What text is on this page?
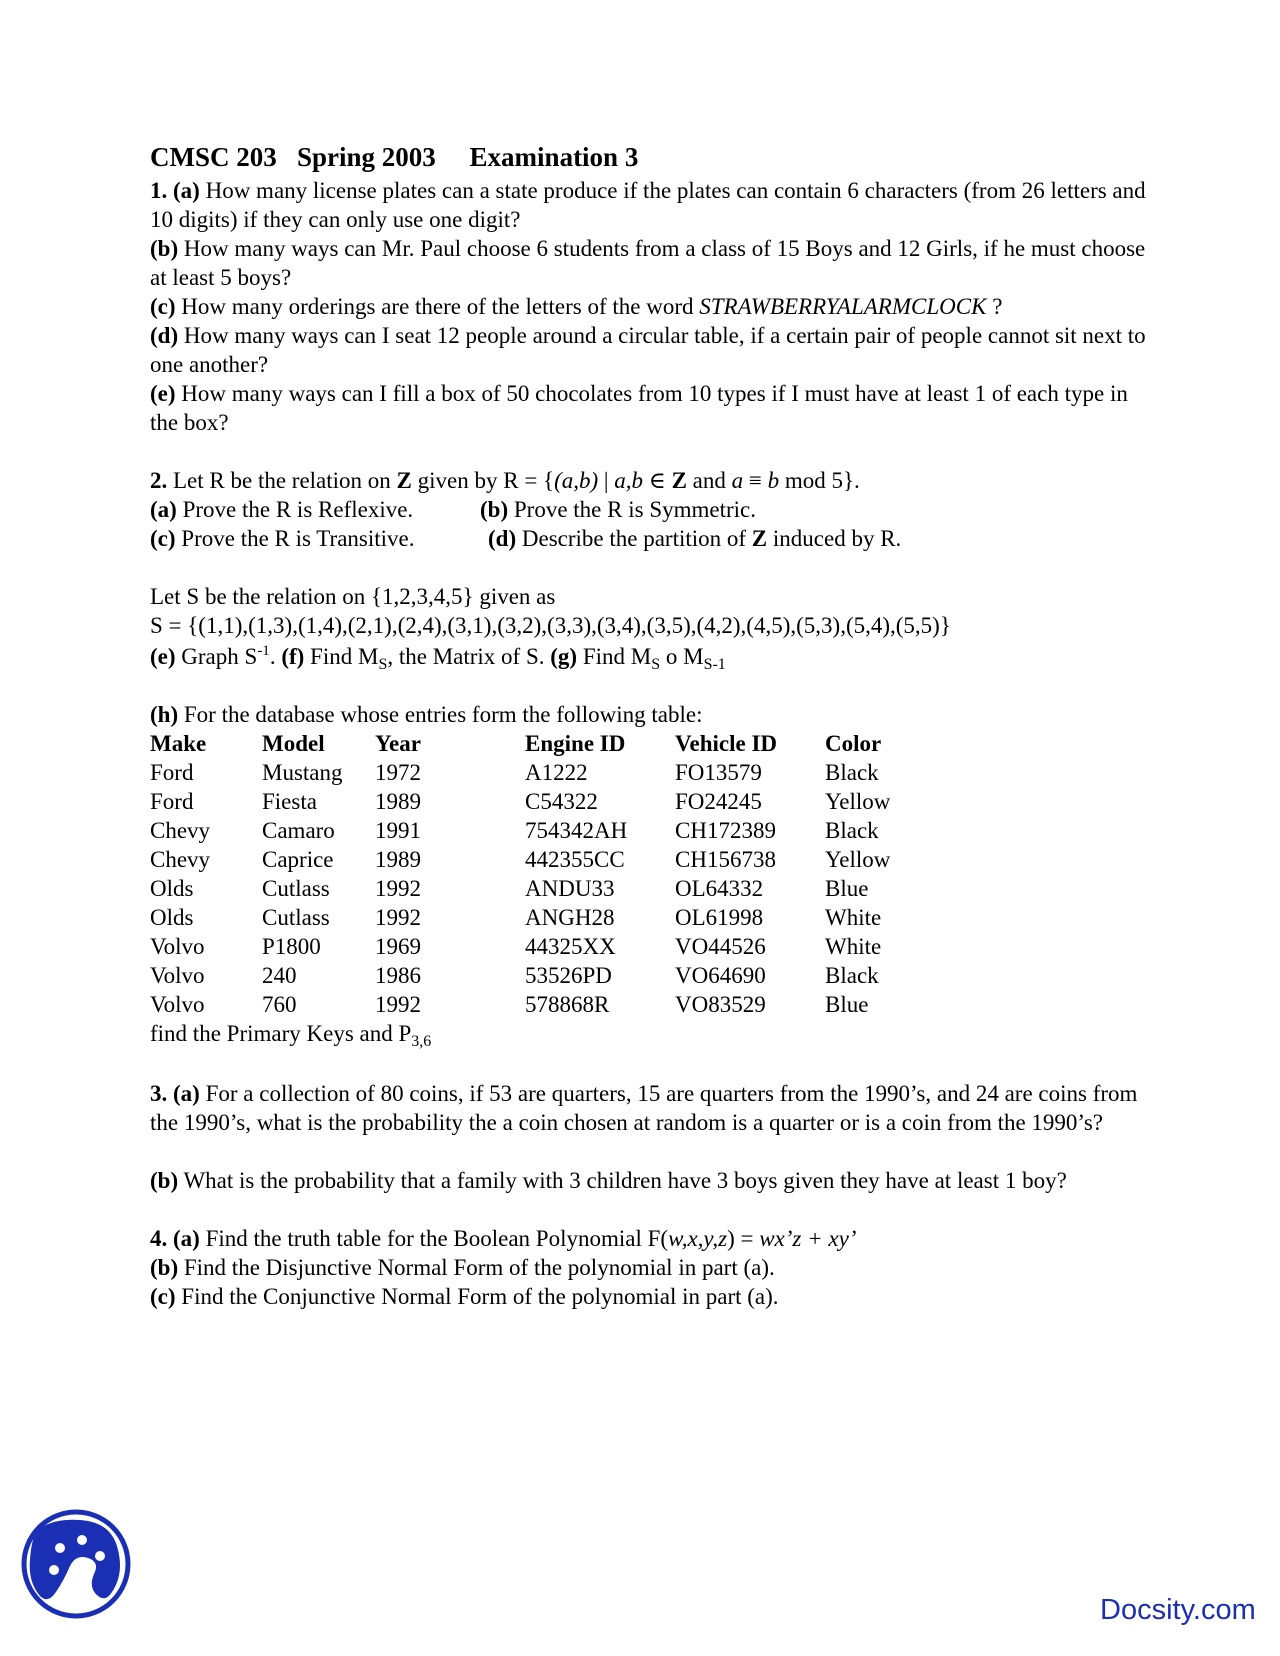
CMSC 203 Spring 2003 Examination 3

1. (a) How many license plates can a state produce if the plates can contain 6 characters (from 26 letters and 10 digits) if they can only use one digit?

(b) How many ways can Mr. Paul choose 6 students from a class of 15 Boys and 12 Girls, if he must choose at least 5 boys?

(c) How many orderings are there of the letters of the word STRAWBERRYALARMCLOCK ?

(d) How many ways can I seat 12 people around a circular table, if a certain pair of people cannot sit next to one another?

(e) How many ways can I fill a box of 50 chocolates from 10 types if I must have at least 1 of each type in the box?

2. Let R be the relation on Z given by R = {(a,b) | a,b ∈ Z and a ≡ b mod 5}.

(a) Prove the R is Reflexive.	(b) Prove the R is Symmetric.
(c) Prove the R is Transitive.	(d) Describe the partition of Z induced by R.

Let S be the relation on {1,2,3,4,5} given as

S = {(1,1),(1,3),(1,4),(2,1),(2,4),(3,1),(3,2),(3,3),(3,4),(3,5),(4,2),(4,5),(5,3),(5,4),(5,5)}

(e) Graph $S^{-1}$. (f) Find $M_S$, the Matrix of S. (g) Find $M_S$ o $M_{S-1}$

(h) For the database whose entries form the following table:

Make	Model	Year	Engine ID	Vehicle ID	Color
Ford	Mustang	1972	A1222	FO13579	Black
Ford	Fiesta	1989	C54322	FO24245	Yellow
Chevy	Camaro	1991	754342AH	CH172389	Black
Chevy	Caprice	1989	442355CC	CH156738	Yellow
Olds	Cutlass	1992	ANDU33	OL64332	Blue
Olds	Cutlass	1992	ANGH28	OL61998	White
Volvo	P1800	1969	44325XX	VO44526	White
Volvo	240	1986	53526PD	VO64690	Black
Volvo	760	1992	578868R	VO83529	Blue

find the Primary Keys and $P_{3,6}$

3. (a) For a collection of 80 coins, if 53 are quarters, 15 are quarters from the 1990’s, and 24 are coins from the 1990’s, what is the probability the a coin chosen at random is a quarter or is a coin from the 1990’s?

(b) What is the probability that a family with 3 children have 3 boys given they have at least 1 boy?

4. (a) Find the truth table for the Boolean Polynomial F(w,x,y,z) = wx’z + xy’

(b) Find the Disjunctive Normal Form of the polynomial in part (a).

(c) Find the Conjunctive Normal Form of the polynomial in part (a).

Docsity.com
